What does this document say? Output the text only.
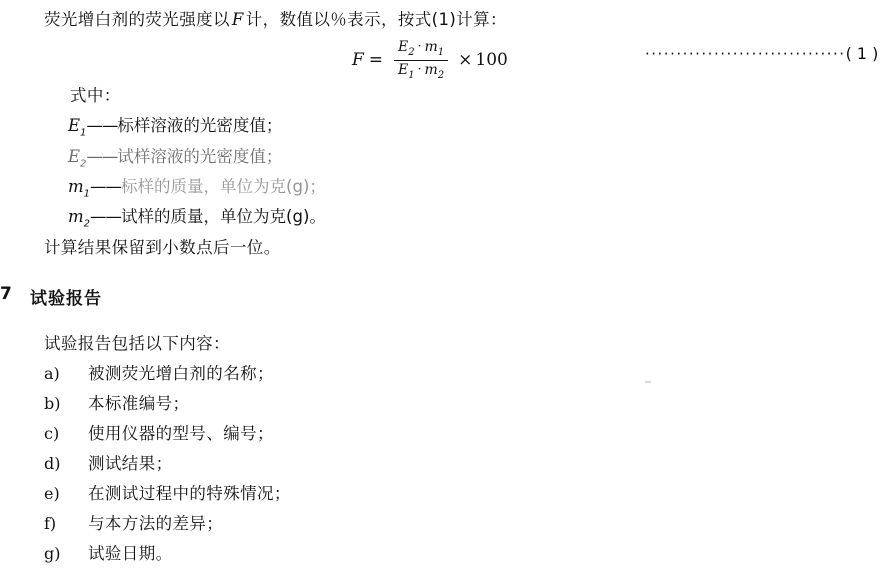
荧光增白剂的荧光强度以 F 计，数值以％表示，按式(1)计算：
$F = \frac{E_2 \cdot m_1}{E_1 \cdot m_2} \times 100$	································( 1 )
式中：
$E_1——$标样溶液的光密度值；
$E_2——$试样溶液的光密度值；
$m_1——$标样的质量，单位为克(g)；
$m_2——$试样的质量，单位为克(g)。
计算结果保留到小数点后一位。
7 试验报告
试验报告包括以下内容：
a) 被测荧光增白剂的名称；
b) 本标准编号；
c) 使用仪器的型号、编号；
d) 测试结果；
e) 在测试过程中的特殊情况；
f) 与本方法的差异；
g) 试验日期。
